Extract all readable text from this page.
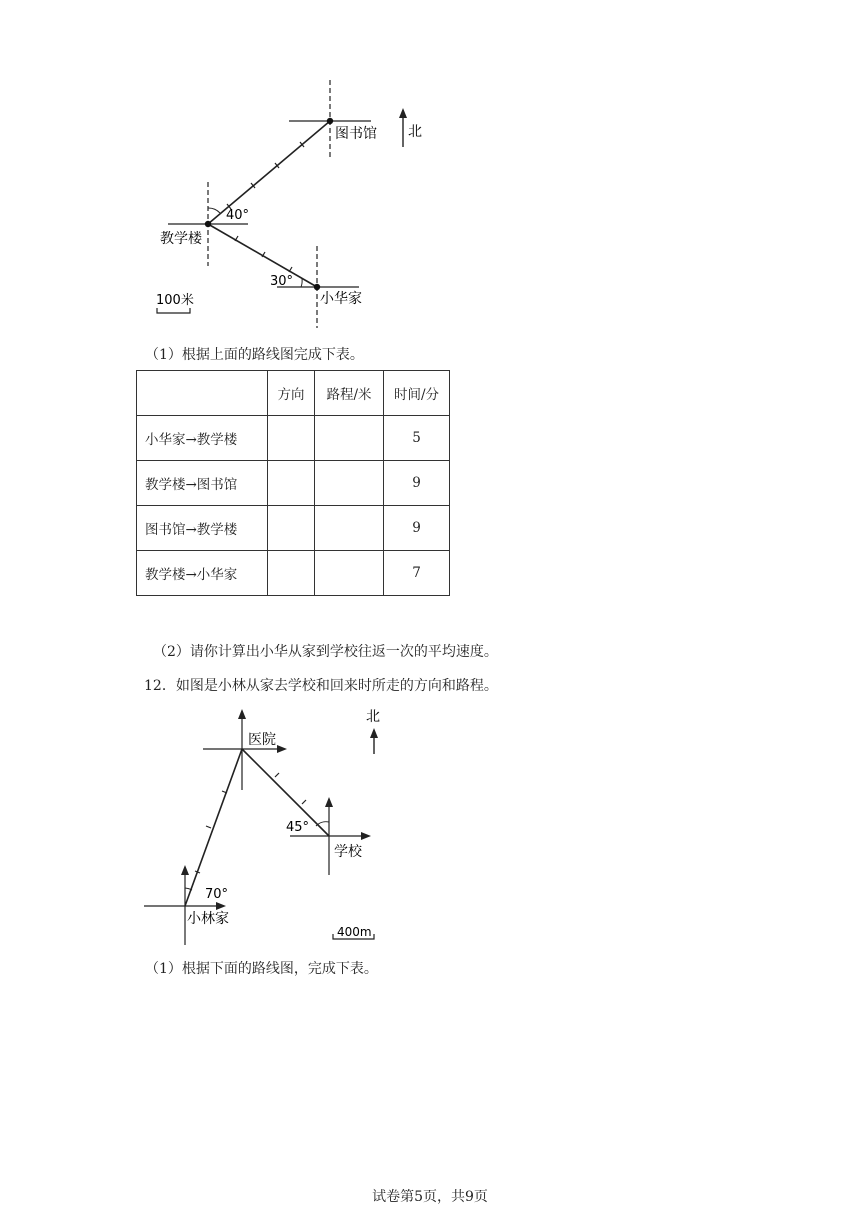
图书馆 北
40°
教学楼
30°
小华家
100米
（1）根据上面的路线图完成下表。
	方向	路程/米	时间/分
小华家→教学楼			5
教学楼→图书馆			9
图书馆→教学楼			9
教学楼→小华家			7
（2）请你计算出小华从家到学校往返一次的平均速度。
12．如图是小林从家去学校和回来时所走的方向和路程。
北
医院
45°
学校
70°
小林家
400m
（1）根据下面的路线图，完成下表。
试卷第5页，共9页
